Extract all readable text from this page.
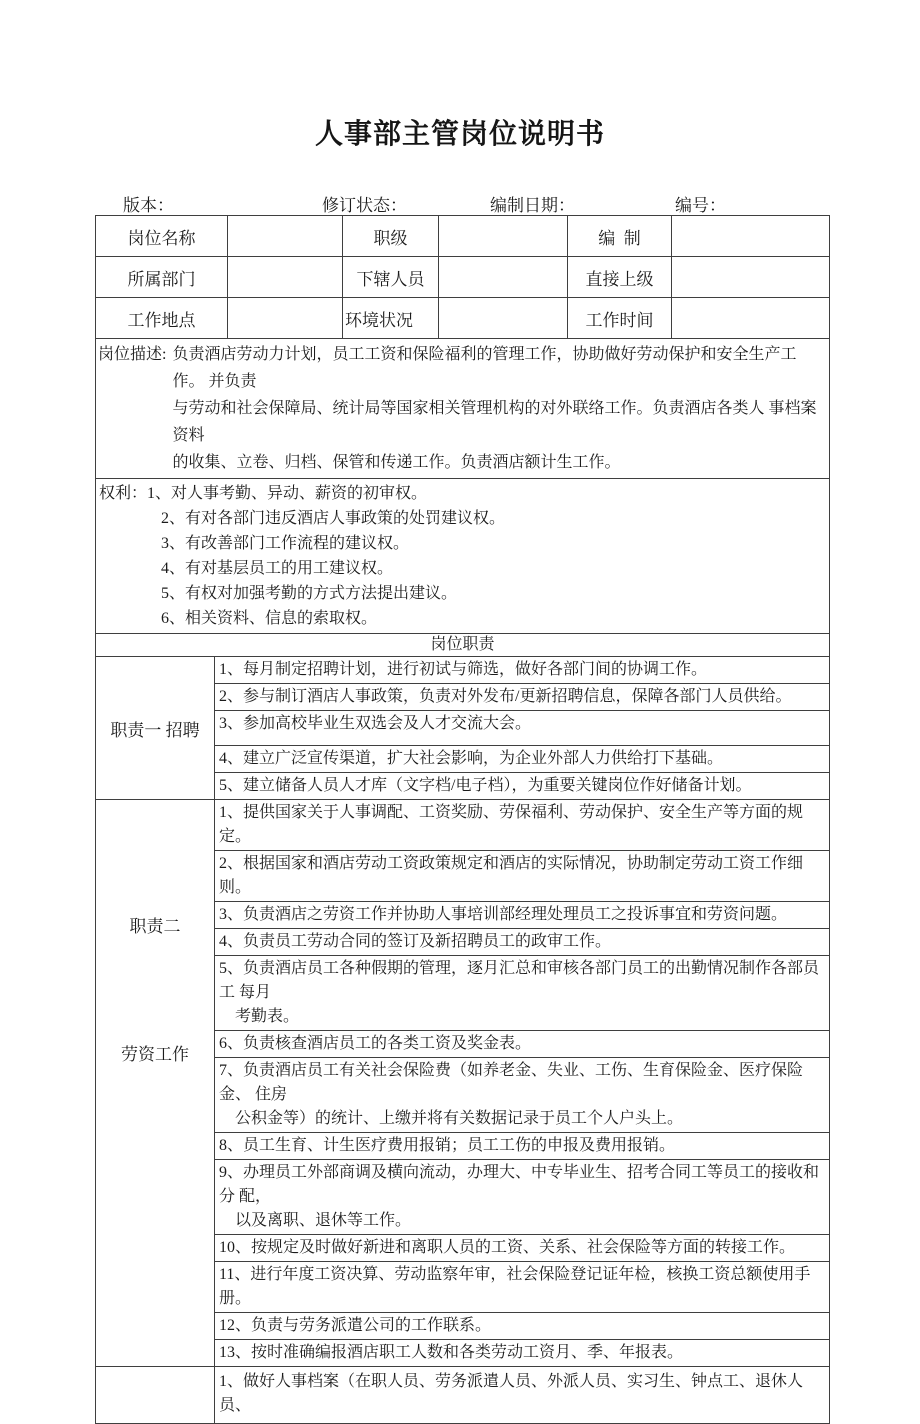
人事部主管岗位说明书
版本：	修订状态：	编制日期：	编号：
岗位名称	职级	编  制
所属部门	下辖人员	直接上级
工作地点	环境状况	工作时间
岗位描述: 负责酒店劳动力计划，员工工资和保险福利的管理工作，协助做好劳动保护和安全生产工作。 并负责
与劳动和社会保障局、统计局等国家相关管理机构的对外联络工作。负责酒店各类人 事档案资料
的收集、立卷、归档、保管和传递工作。负责酒店额计生工作。
权利： 1、对人事考勤、异动、薪资的初审权。
2、有对各部门违反酒店人事政策的处罚建议权。
3、有改善部门工作流程的建议权。
4、有对基层员工的用工建议权。
5、有权对加强考勤的方式方法提出建议。
6、相关资料、信息的索取权。
岗位职责
职责一 招聘
1、每月制定招聘计划，进行初试与筛选，做好各部门间的协调工作。
2、参与制订酒店人事政策，负责对外发布/更新招聘信息，保障各部门人员供给。
3、参加高校毕业生双选会及人才交流大会。
4、建立广泛宣传渠道，扩大社会影响，为企业外部人力供给打下基础。
5、建立储备人员人才库（文字档/电子档），为重要关键岗位作好储备计划。
职责二
劳资工作
1、提供国家关于人事调配、工资奖励、劳保福利、劳动保护、安全生产等方面的规定。
2、根据国家和酒店劳动工资政策规定和酒店的实际情况，协助制定劳动工资工作细则。
3、负责酒店之劳资工作并协助人事培训部经理处理员工之投诉事宜和劳资问题。
4、负责员工劳动合同的签订及新招聘员工的政审工作。
5、负责酒店员工各种假期的管理，逐月汇总和审核各部门员工的出勤情况制作各部员工 每月
考勤表。
6、负责核查酒店员工的各类工资及奖金表。
7、负责酒店员工有关社会保险费（如养老金、失业、工伤、生育保险金、医疗保险金、 住房
公积金等）的统计、上缴并将有关数据记录于员工个人户头上。
8、员工生育、计生医疗费用报销；员工工伤的申报及费用报销。
9、办理员工外部商调及横向流动，办理大、中专毕业生、招考合同工等员工的接收和分 配，
以及离职、退休等工作。
10、按规定及时做好新进和离职人员的工资、关系、社会保险等方面的转接工作。
11、进行年度工资决算、劳动监察年审，社会保险登记证年检，核换工资总额使用手册。
12、负责与劳务派遣公司的工作联系。
13、按时准确编报酒店职工人数和各类劳动工资月、季、年报表。
1、做好人事档案（在职人员、劳务派遣人员、外派人员、实习生、钟点工、退休人员、
